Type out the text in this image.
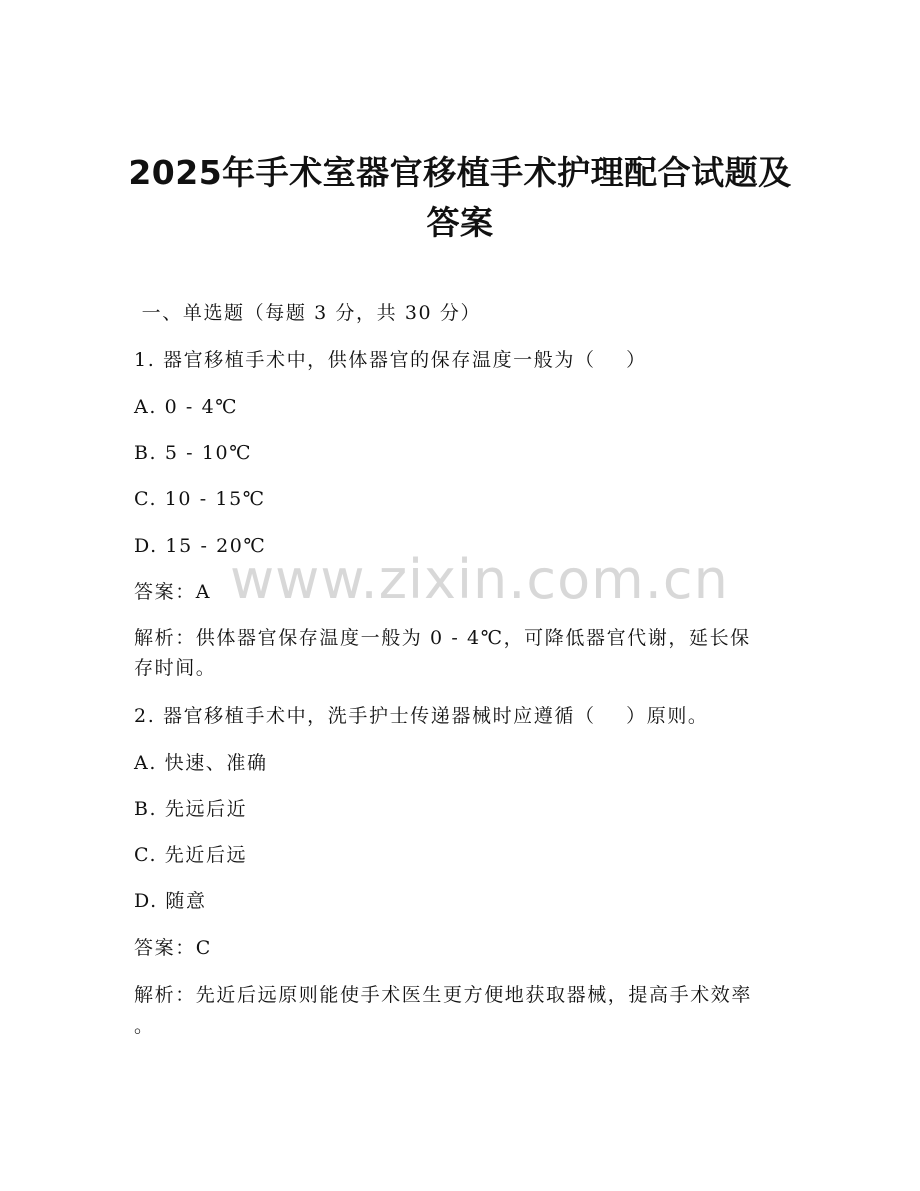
2025年手术室器官移植手术护理配合试题及
答案
一、单选题（每题 3 分，共 30 分）
1. 器官移植手术中，供体器官的保存温度一般为（    ）
A. 0 - 4℃
B. 5 - 10℃
C. 10 - 15℃
D. 15 - 20℃
答案：A
解析：供体器官保存温度一般为 0 - 4℃，可降低器官代谢，延长保
存时间。
2. 器官移植手术中，洗手护士传递器械时应遵循（    ）原则。
A. 快速、准确
B. 先远后近
C. 先近后远
D. 随意
答案：C
解析：先近后远原则能使手术医生更方便地获取器械，提高手术效率
。
www.zixin.com.cn
